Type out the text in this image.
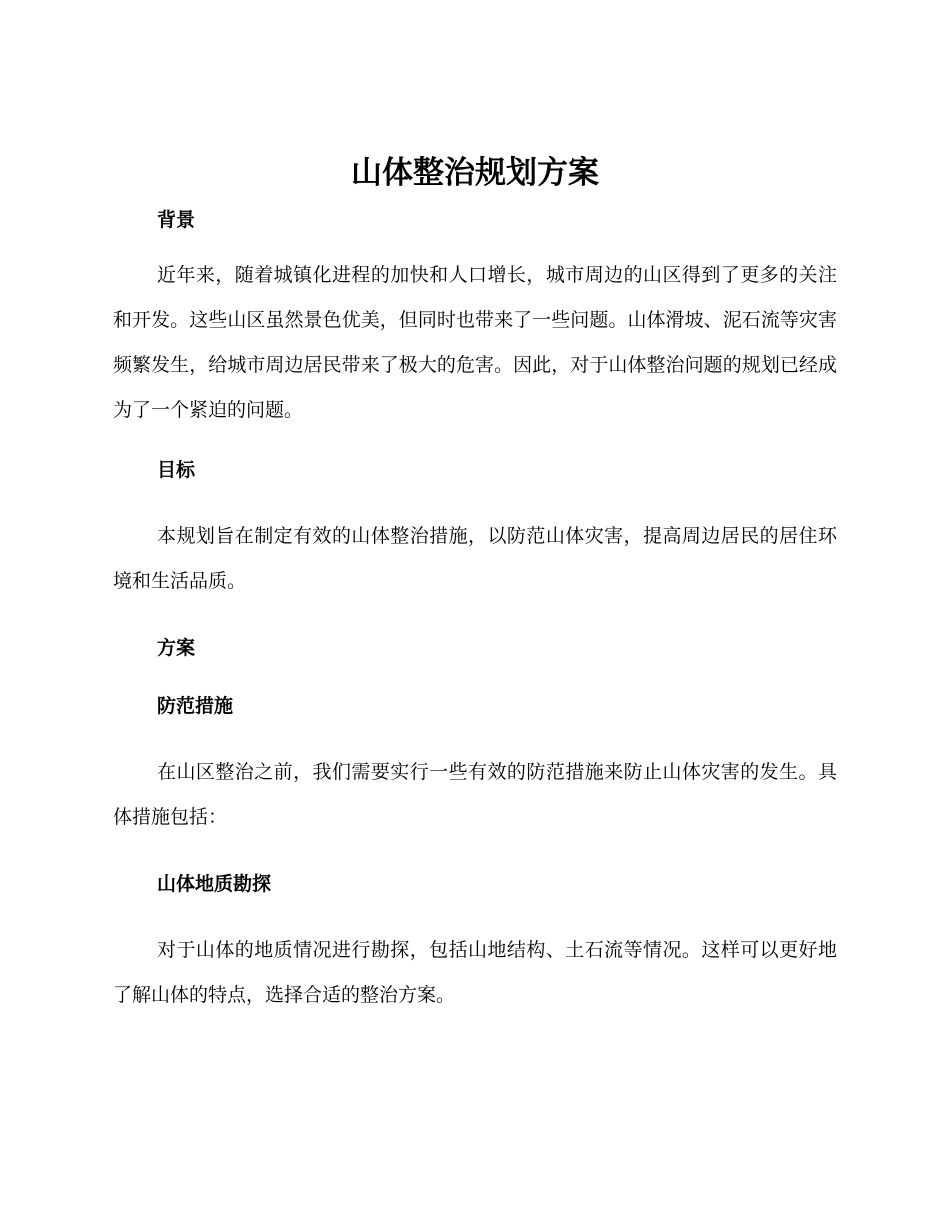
山体整治规划方案
背景

近年来，随着城镇化进程的加快和人口增长，城市周边的山区得到了更多的关注和开发。这些山区虽然景色优美，但同时也带来了一些问题。山体滑坡、泥石流等灾害频繁发生，给城市周边居民带来了极大的危害。因此，对于山体整治问题的规划已经成为了一个紧迫的问题。

目标

本规划旨在制定有效的山体整治措施，以防范山体灾害，提高周边居民的居住环境和生活品质。

方案
防范措施

在山区整治之前，我们需要实行一些有效的防范措施来防止山体灾害的发生。具体措施包括：

山体地质勘探

对于山体的地质情况进行勘探，包括山地结构、土石流等情况。这样可以更好地了解山体的特点，选择合适的整治方案。
